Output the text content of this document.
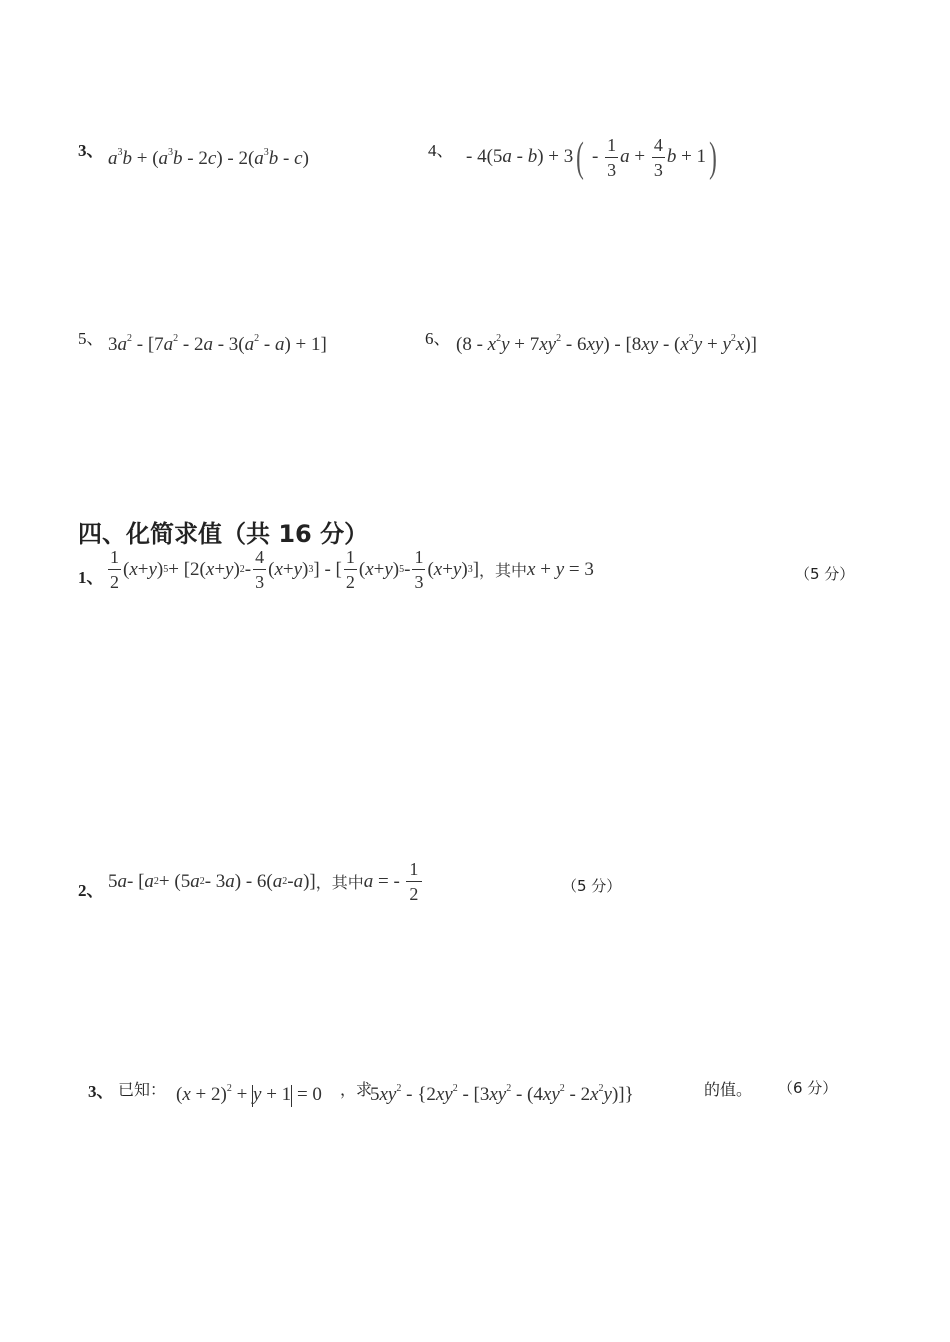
3、 $a^3b + (a^3b - 2c) - 2(a^3b - c)$	4、 - $4(5a - b) + 3( - \frac{1}{3}$ $a + \frac{4}{3}$ b + 1)
5、 $3a^2 - [7a^2 - 2a - 3(a^2 - a) + 1]$	6、 $(8 - x^2y + 7xy^2 - 6xy) - [8xy - (x^2y + y^2x)]$
四、化简求值（共 16 分）
1、 $\frac{1}{2}$ ( x + y ) 5 + [2( x + y ) $2 - \frac{4}{3}$ ( x + y ) 3 ] - [ $\frac{1}{2}$ ( x + y ) $5 - \frac{1}{3}$ ( x + y ) 3 ] ，其中 x + y = 3	（5 分）
2、 5 a - [ a 2 + (5 a 2 - 3 a ) - 6( a 2 - a )] ，其中 a = - $\frac{1}{2}$	（5 分）
3、 已知： $(x + 2)^2 + y + 1 = 0$ ，求
$5xy^2 - \{2xy^2 - [3xy^2 - (4xy^2 - 2x^2y)]\}$	的值。 （6 分）
